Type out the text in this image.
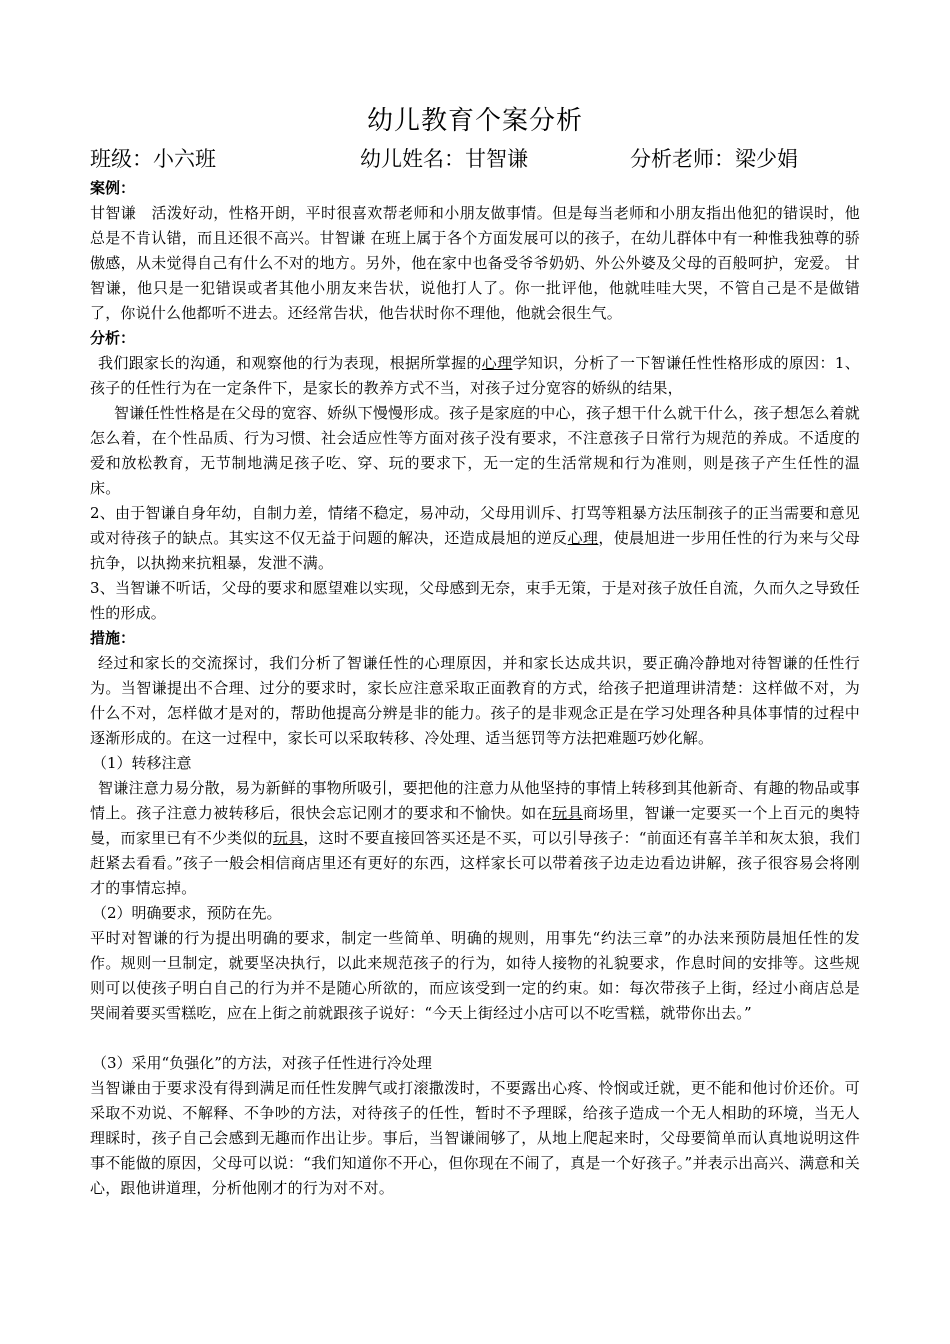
幼儿教育个案分析
班级：小六班	幼儿姓名：甘智谦	分析老师：梁少娟

案例：

甘智谦　活泼好动，性格开朗，平时很喜欢帮老师和小朋友做事情。但是每当老师和小朋友指出他犯的错误时，他总是不肯认错，而且还很不高兴。甘智谦 在班上属于各个方面发展可以的孩子，在幼儿群体中有一种惟我独尊的骄傲感，从未觉得自己有什么不对的地方。另外，他在家中也备受爷爷奶奶、外公外婆及父母的百般呵护，宠爱。 甘智谦，他只是一犯错误或者其他小朋友来告状，说他打人了。你一批评他，他就哇哇大哭，不管自己是不是做错了，你说什么他都听不进去。还经常告状，他告状时你不理他，他就会很生气。

分析：

我们跟家长的沟通，和观察他的行为表现，根据所掌握的心理学知识，分析了一下智谦任性性格形成的原因：1、孩子的任性行为在一定条件下，是家长的教养方式不当，对孩子过分宽容的娇纵的结果，

智谦任性性格是在父母的宽容、娇纵下慢慢形成。孩子是家庭的中心，孩子想干什么就干什么，孩子想怎么着就怎么着，在个性品质、行为习惯、社会适应性等方面对孩子没有要求，不注意孩子日常行为规范的养成。不适度的爱和放松教育，无节制地满足孩子吃、穿、玩的要求下，无一定的生活常规和行为准则，则是孩子产生任性的温床。

2、由于智谦自身年幼，自制力差，情绪不稳定，易冲动，父母用训斥、打骂等粗暴方法压制孩子的正当需要和意见或对待孩子的缺点。其实这不仅无益于问题的解决，还造成晨旭的逆反心理，使晨旭进一步用任性的行为来与父母抗争，以执拗来抗粗暴，发泄不满。

3、当智谦不听话，父母的要求和愿望难以实现，父母感到无奈，束手无策，于是对孩子放任自流，久而久之导致任性的形成。

措施：

经过和家长的交流探讨，我们分析了智谦任性的心理原因，并和家长达成共识，要正确冷静地对待智谦的任性行为。当智谦提出不合理、过分的要求时，家长应注意采取正面教育的方式，给孩子把道理讲清楚：这样做不对，为什么不对，怎样做才是对的，帮助他提高分辨是非的能力。孩子的是非观念正是在学习处理各种具体事情的过程中逐渐形成的。在这一过程中，家长可以采取转移、冷处理、适当惩罚等方法把难题巧妙化解。

（1）转移注意

智谦注意力易分散，易为新鲜的事物所吸引，要把他的注意力从他坚持的事情上转移到其他新奇、有趣的物品或事情上。孩子注意力被转移后，很快会忘记刚才的要求和不愉快。如在玩具商场里，智谦一定要买一个上百元的奥特曼，而家里已有不少类似的玩具，这时不要直接回答买还是不买，可以引导孩子：“前面还有喜羊羊和灰太狼，我们赶紧去看看。”孩子一般会相信商店里还有更好的东西，这样家长可以带着孩子边走边看边讲解，孩子很容易会将刚才的事情忘掉。

（2）明确要求，预防在先。

平时对智谦的行为提出明确的要求，制定一些简单、明确的规则，用事先“约法三章”的办法来预防晨旭任性的发作。规则一旦制定，就要坚决执行，以此来规范孩子的行为，如待人接物的礼貌要求，作息时间的安排等。这些规则可以使孩子明白自己的行为并不是随心所欲的，而应该受到一定的约束。如：每次带孩子上街，经过小商店总是哭闹着要买雪糕吃，应在上街之前就跟孩子说好：“今天上街经过小店可以不吃雪糕，就带你出去。”

（3）采用“负强化”的方法，对孩子任性进行冷处理

当智谦由于要求没有得到满足而任性发脾气或打滚撒泼时，不要露出心疼、怜悯或迁就，更不能和他讨价还价。可采取不劝说、不解释、不争吵的方法，对待孩子的任性，暂时不予理睬，给孩子造成一个无人相助的环境，当无人理睬时，孩子自己会感到无趣而作出让步。事后，当智谦闹够了，从地上爬起来时，父母要简单而认真地说明这件事不能做的原因，父母可以说：“我们知道你不开心，但你现在不闹了，真是一个好孩子。”并表示出高兴、满意和关心，跟他讲道理，分析他刚才的行为对不对。
